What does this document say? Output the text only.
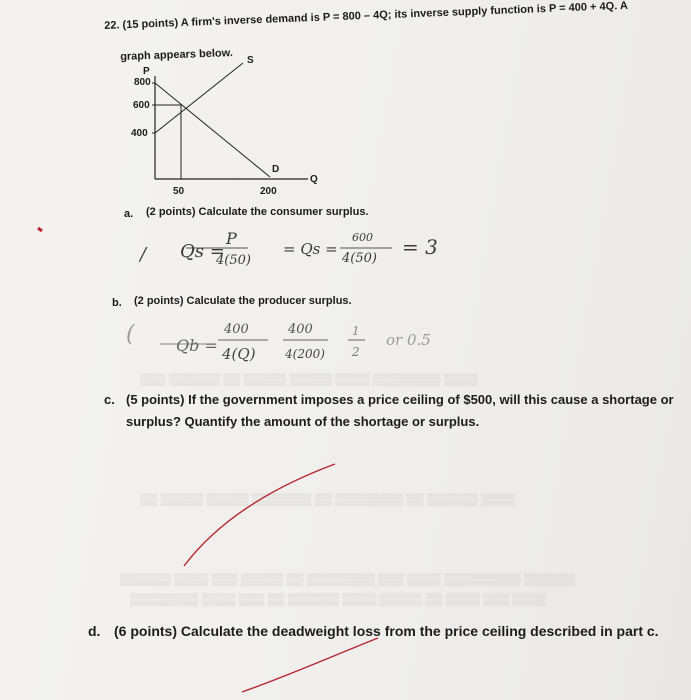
▒▒▒ ▒▒▒▒▒▒ ▒▒ ▒▒▒▒▒ ▒▒▒▒▒ ▒▒▒▒ ▒▒▒▒▒▒▒▒ ▒▒▒▒
▒▒ ▒▒▒▒▒ ▒▒▒▒▒ ▒▒▒▒▒▒▒ ▒▒ ▒▒▒▒▒▒▒▒ ▒▒ ▒▒▒▒▒▒ ▒▒▒▒
▒▒▒▒▒▒ ▒▒▒▒ ▒▒▒ ▒▒▒▒▒ ▒▒ ▒▒▒▒▒▒▒▒ ▒▒▒ ▒▒▒▒ ▒▒▒▒▒▒▒▒▒ ▒▒▒▒▒▒
▒▒▒▒▒▒▒▒ ▒▒▒▒ ▒▒▒ ▒▒ ▒▒▒▒▒▒ ▒▒▒▒ ▒▒▒▒▒ ▒▒ ▒▒▒▒ ▒▒▒ ▒▒▒▒
22. (15 points) A firm's inverse demand is P = 800 – 4Q; its inverse supply function is P = 400 + 4Q. A
graph appears below.
P
Q
S
D
800
600
400
50	200
a. (2 points) Calculate the consumer surplus.
/ Qs =
P
4(50)
= Qs =
600
4(50) = 3
b. (2 points) Calculate the producer surplus.
(	Qb =
400
4(Q)
400
4(200)
1
2
or 0.5
c. (5 points) If the government imposes a price ceiling of $500, will this cause a shortage or
surplus? Quantify the amount of the shortage or surplus.
d. (6 points) Calculate the deadweight loss from the price ceiling described in part c.
